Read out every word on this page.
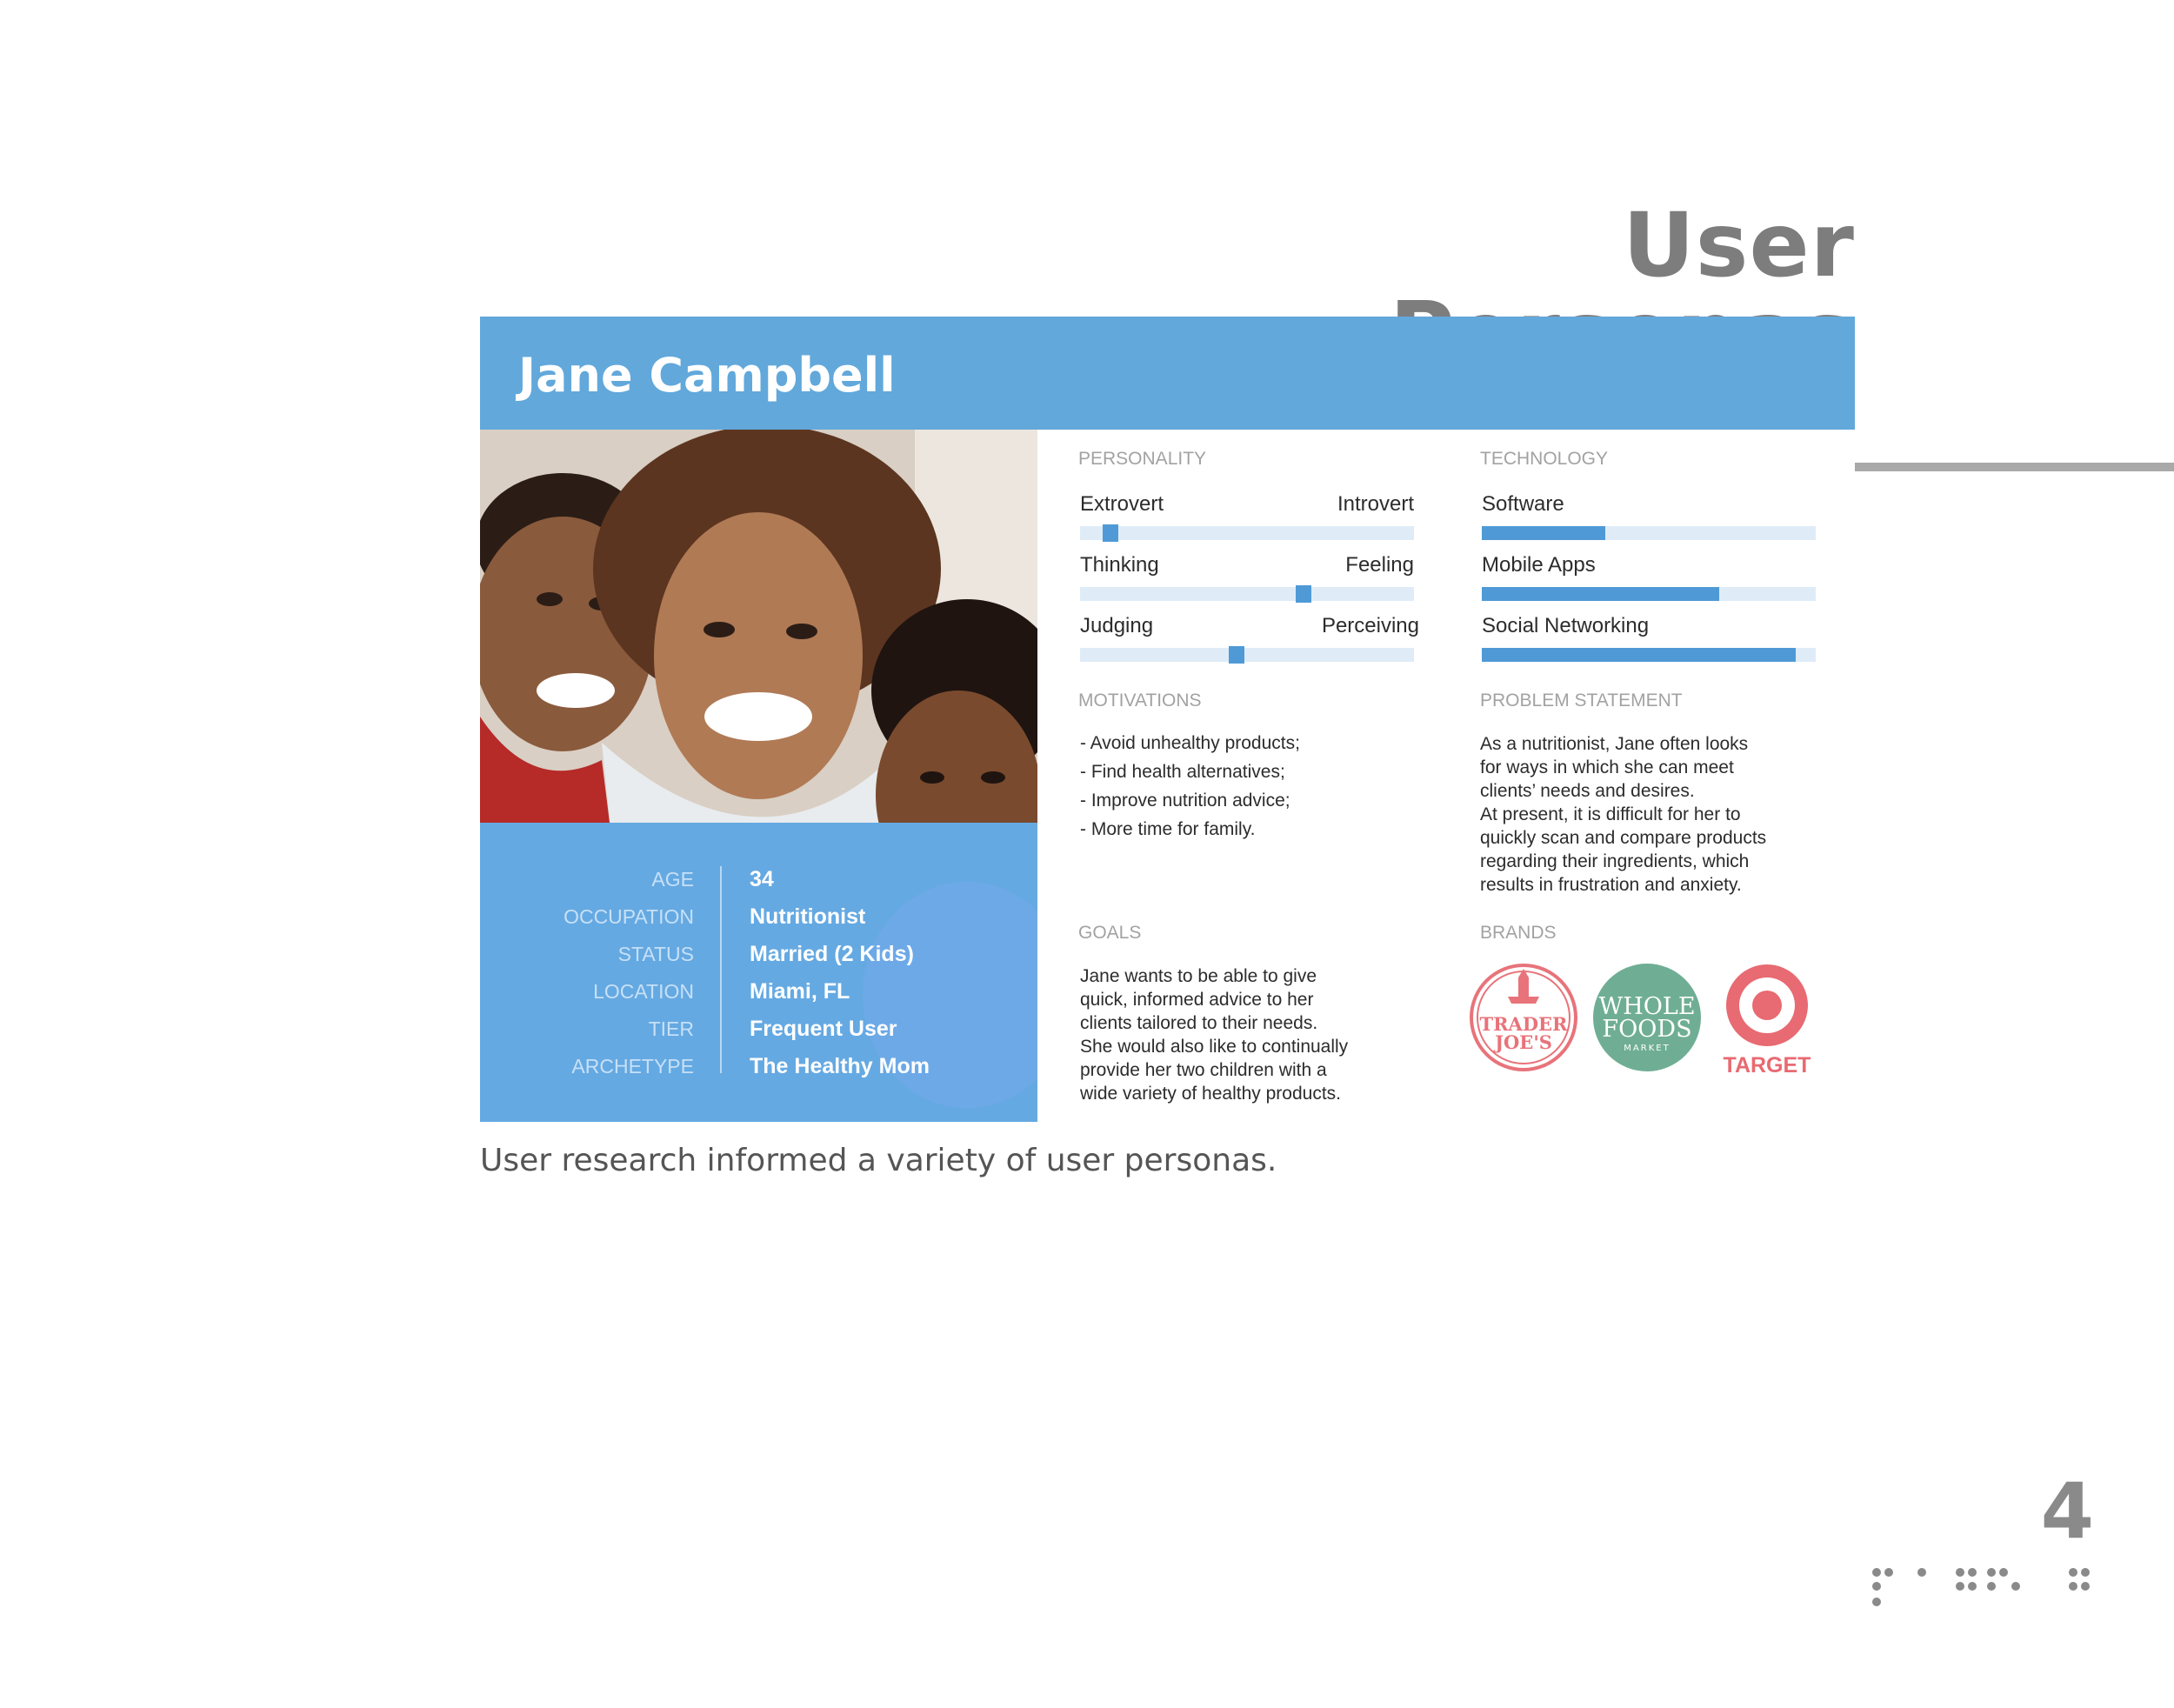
User
Jane Campbell
AGE	34
OCCUPATION	Nutritionist
STATUS	Married (2 Kids)
LOCATION	Miami, FL
TIER	Frequent User
ARCHETYPE	The Healthy Mom
PERSONALITY
Extrovert	Introvert
Thinking	Feeling
Judging	Perceiving
TECHNOLOGY
Software
Mobile Apps
Social Networking
MOTIVATIONS
- Avoid unhealthy products;
- Find health alternatives;
- Improve nutrition advice;
- More time for family.
PROBLEM STATEMENT
As a nutritionist, Jane often looks
for ways in which she can meet
clients’ needs and desires.
At present, it is difficult for her to
quickly scan and compare products
regarding their ingredients, which
results in frustration and anxiety.
GOALS
Jane wants to be able to give
quick, informed advice to her
clients tailored to their needs.
She would also like to continually
provide her two children with a
wide variety of healthy products.
BRANDS
TRADER
JOE'S
WHOLE
FOODS
MARKET
TARGET

User research informed a variety of user personas.

4
